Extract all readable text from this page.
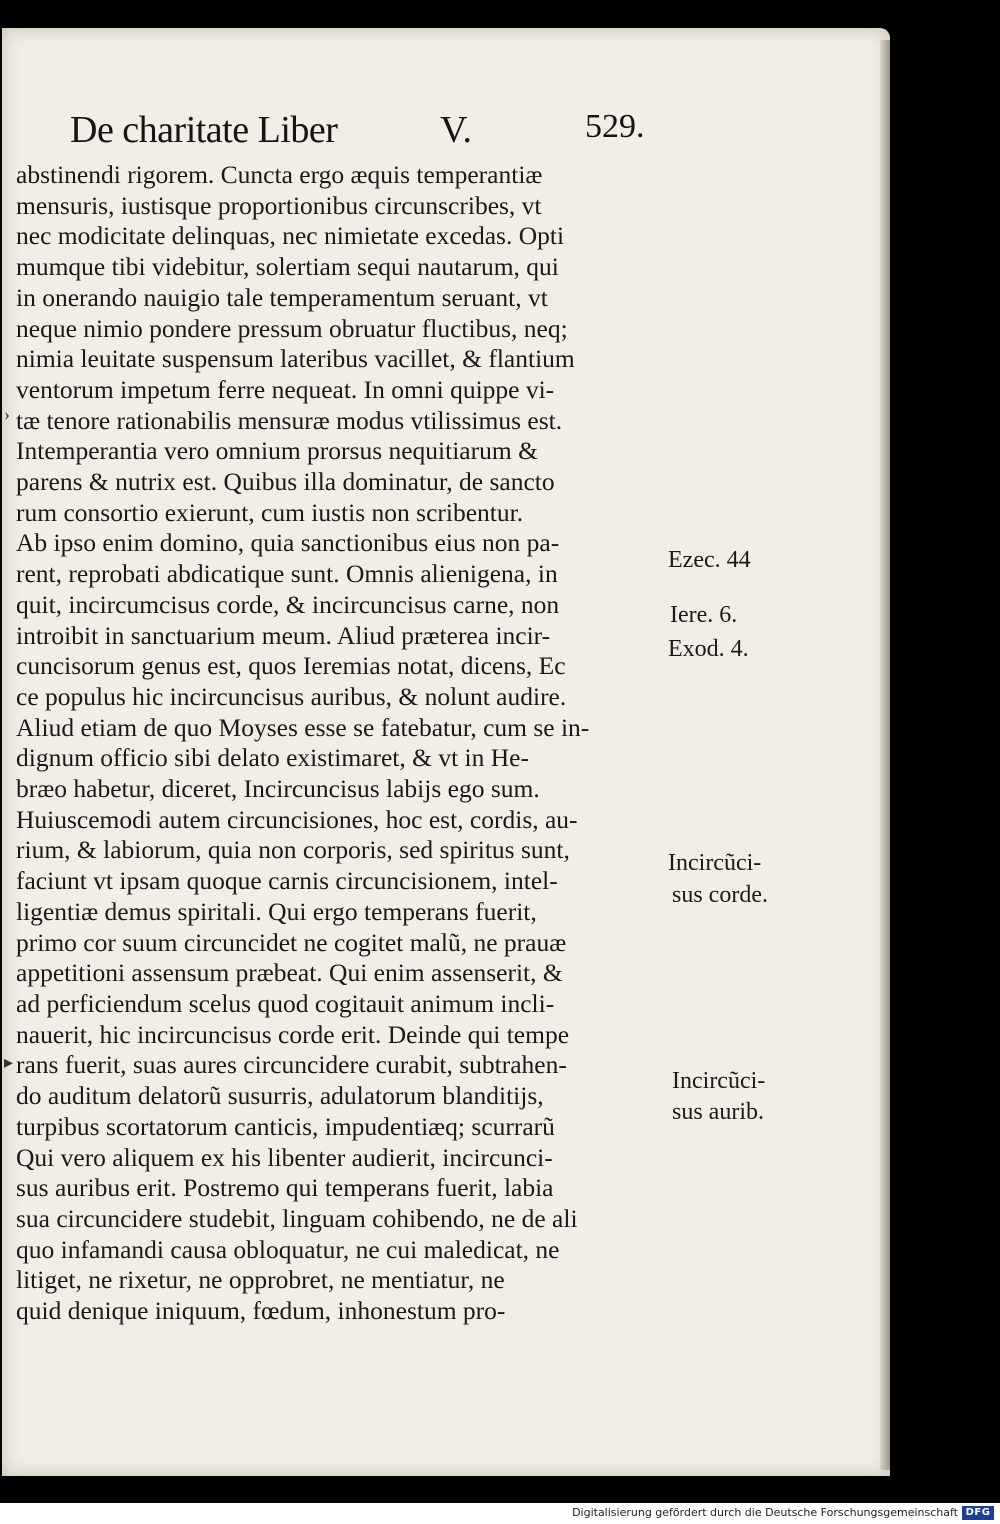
De charitate Liber	V.	529.
abstinendi rigorem. Cuncta ergo æquis temperantiæ
mensuris, iustisque proportionibus circunscribes, vt
nec modicitate delinquas, nec nimietate excedas. Opti
mumque tibi videbitur, solertiam sequi nautarum, qui
in onerando nauigio tale temperamentum seruant, vt
neque nimio pondere pressum obruatur fluctibus, neq;
nimia leuitate suspensum lateribus vacillet, & flantium
ventorum impetum ferre nequeat. In omni quippe vi-
tæ tenore rationabilis mensuræ modus vtilissimus est.
Intemperantia vero omnium prorsus nequitiarum &
parens & nutrix est. Quibus illa dominatur, de sancto
rum consortio exierunt, cum iustis non scribentur.
Ab ipso enim domino, quia sanctionibus eius non pa-
rent, reprobati abdicatique sunt. Omnis alienigena, in
quit, incircumcisus corde, & incircuncisus carne, non
introibit in sanctuarium meum. Aliud præterea incir-
cuncisorum genus est, quos Ieremias notat, dicens, Ec
ce populus hic incircuncisus auribus, & nolunt audire.
Aliud etiam de quo Moyses esse se fatebatur, cum se in-
dignum officio sibi delato existimaret, & vt in He-
bræo habetur, diceret, Incircuncisus labijs ego sum.
Huiuscemodi autem circuncisiones, hoc est, cordis, au-
rium, & labiorum, quia non corporis, sed spiritus sunt,
faciunt vt ipsam quoque carnis circuncisionem, intel-
ligentiæ demus spiritali. Qui ergo temperans fuerit,
primo cor suum circuncidet ne cogitet malũ, ne prauæ
appetitioni assensum præbeat. Qui enim assenserit, &
ad perficiendum scelus quod cogitauit animum incli-
nauerit, hic incircuncisus corde erit. Deinde qui tempe
rans fuerit, suas aures circuncidere curabit, subtrahen-
do auditum delatorũ susurris, adulatorum blanditijs,
turpibus scortatorum canticis, impudentiæq; scurrarũ
Qui vero aliquem ex his libenter audierit, incircunci-
sus auribus erit. Postremo qui temperans fuerit, labia
sua circuncidere studebit, linguam cohibendo, ne de ali
quo infamandi causa obloquatur, ne cui maledicat, ne
litiget, ne rixetur, ne opprobret, ne mentiatur, ne
quid denique iniquum, fœdum, inhonestum pro-
›
▸
Ezec. 44
Iere. 6.
Exod. 4.
Incircũci-
sus corde.
Incircũci-
sus aurib.
Digitalisierung gefördert durch die Deutsche Forschungsgemeinschaft DFG
